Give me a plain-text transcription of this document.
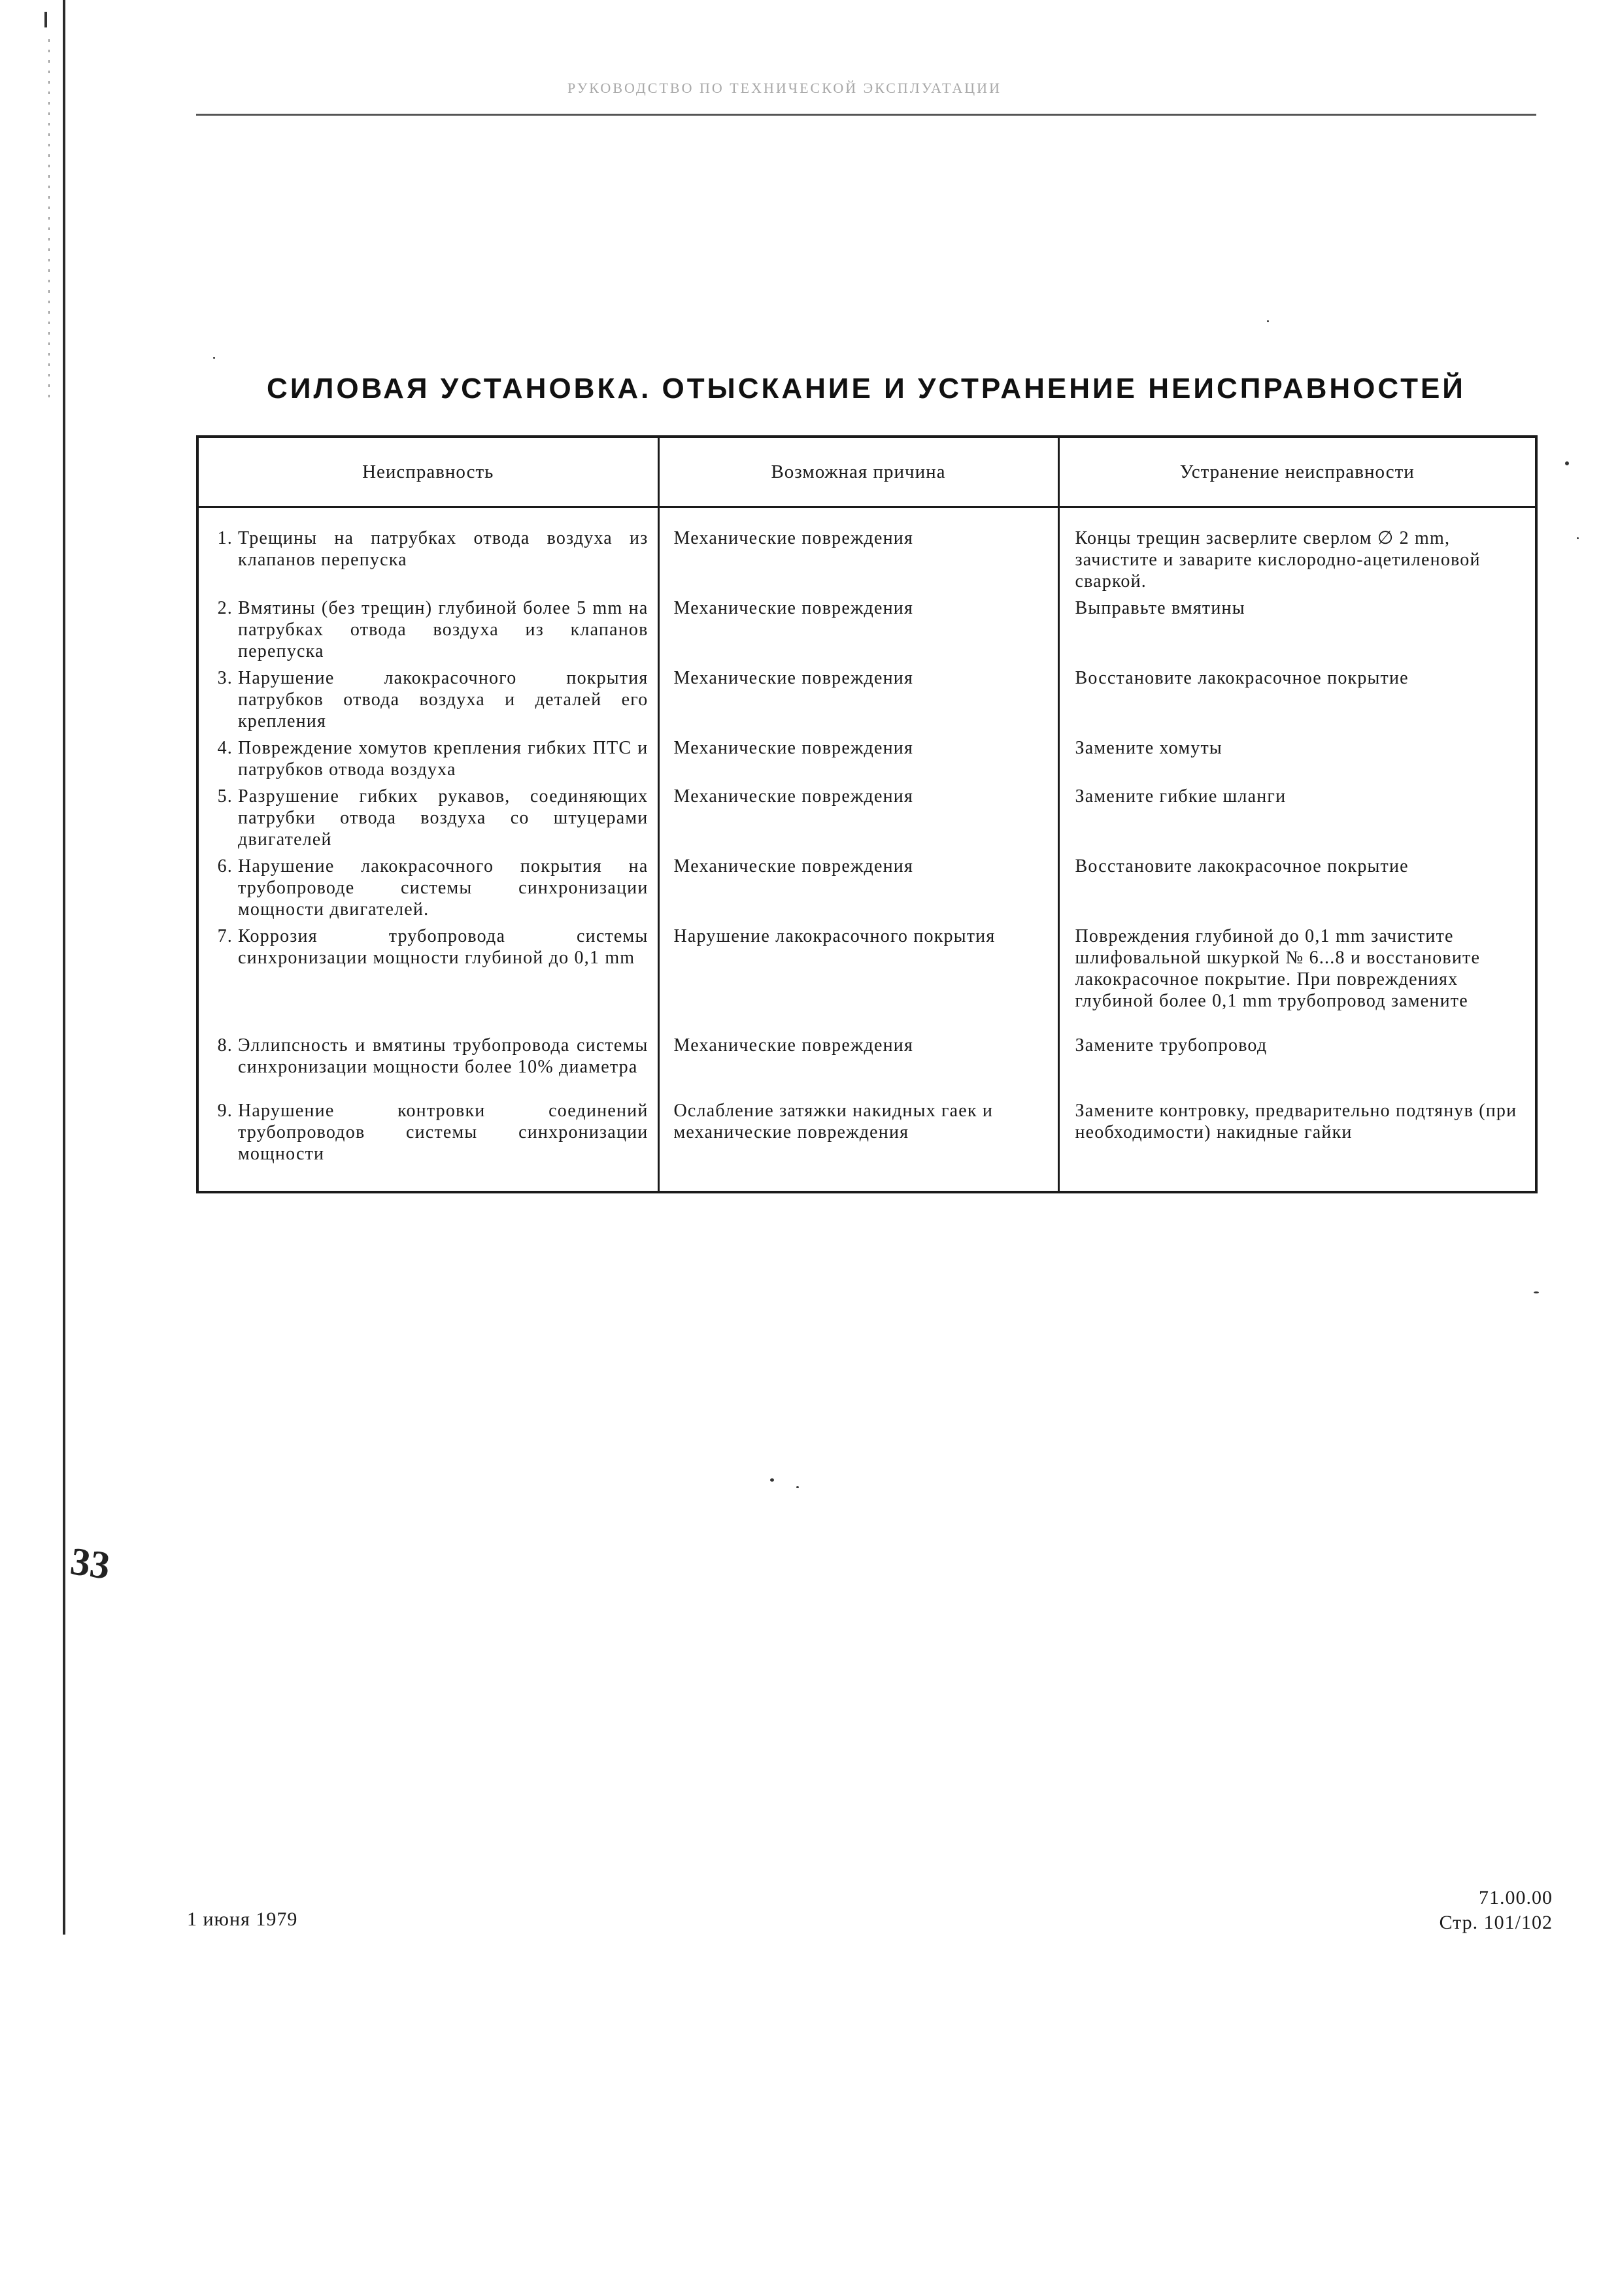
РУКОВОДСТВО ПО ТЕХНИЧЕСКОЙ ЭКСПЛУАТАЦИИ
СИЛОВАЯ УСТАНОВКА. ОТЫСКАНИЕ И УСТРАНЕНИЕ НЕИСПРАВНОСТЕЙ
Неисправность	Возможная причина	Устранение неисправности

1. Трещины на патрубках отвода воздуха из клапанов перепуска	Механические повреждения	Концы трещин засверлите сверлом ∅ 2 mm, зачистите и заварите кислородно-ацетиленовой сваркой.

2. Вмятины (без трещин) глубиной более 5 mm на патрубках отвода воздуха из клапанов перепуска	Механические повреждения	Выправьте вмятины

3. Нарушение лакокрасочного покрытия патрубков отвода воздуха и деталей его крепления	Механические повреждения	Восстановите лакокрасочное покрытие

4. Повреждение хомутов крепления гибких ПТС и патрубков отвода воздуха	Механические повреждения	Замените хомуты

5. Разрушение гибких рукавов, соединяющих патрубки отвода воздуха со штуцерами двигателей	Механические повреждения	Замените гибкие шланги

6. Нарушение лакокрасочного покрытия на трубопроводе системы синхронизации мощности двигателей.	Механические повреждения	Восстановите лакокрасочное покрытие

7. Коррозия трубопровода системы синхронизации мощности глубиной до 0,1 mm	Нарушение лакокрасочного покрытия	Повреждения глубиной до 0,1 mm зачистите шлифовальной шкуркой № 6...8 и восстановите лакокрасочное покрытие. При повреждениях глубиной более 0,1 mm трубопровод замените

8. Эллипсность и вмятины трубопровода системы синхронизации мощности более 10% диаметра	Механические повреждения	Замените трубопровод

9. Нарушение контровки соединений трубопроводов системы синхронизации мощности	Ослабление затяжки накидных гаек и механические повреждения	Замените контровку, предварительно подтянув (при необходимости) накидные гайки
33
1 июня 1979
71.00.00
Стр. 101/102
